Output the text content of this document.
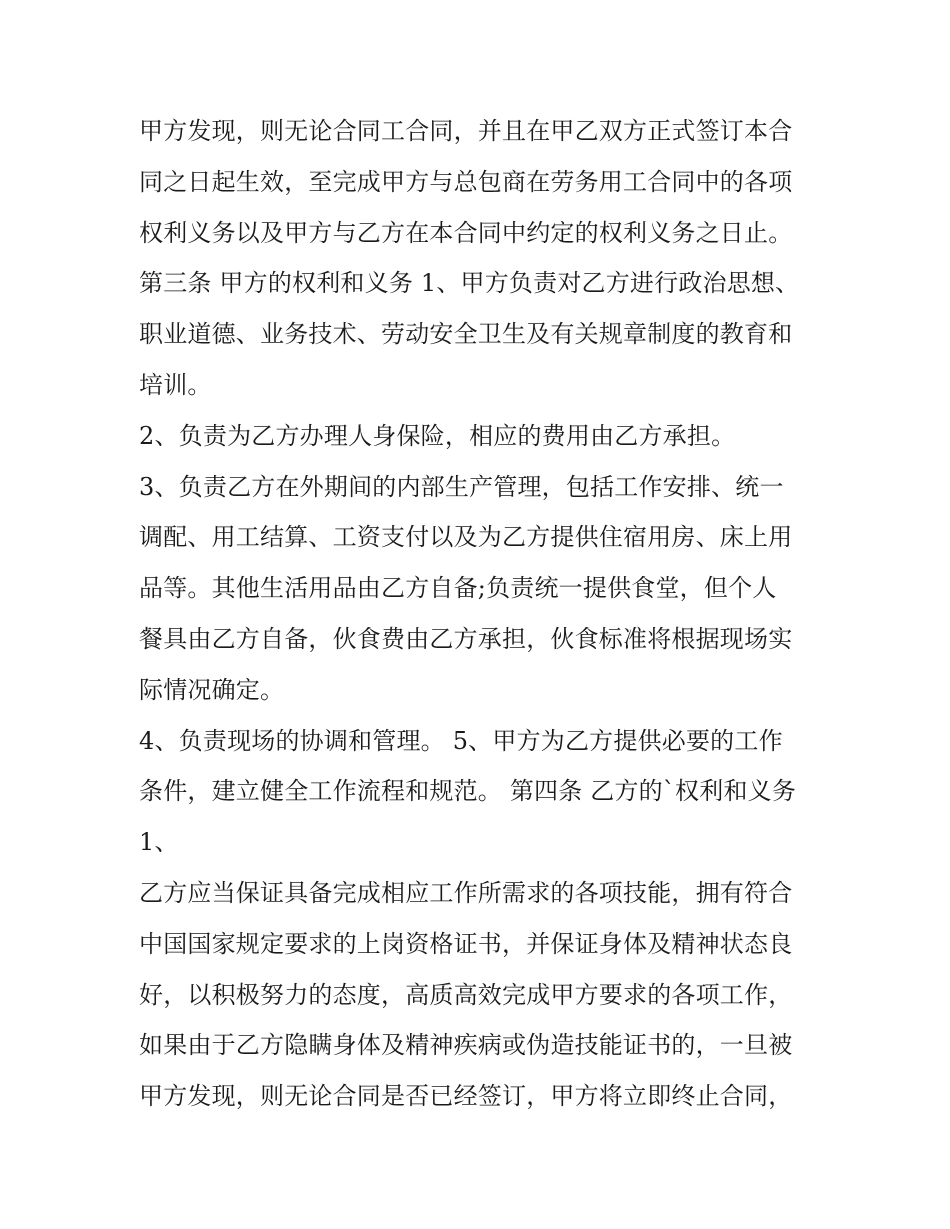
甲方发现，则无论合同工合同，并且在甲乙双方正式签订本合
同之日起生效，至完成甲方与总包商在劳务用工合同中的各项
权利义务以及甲方与乙方在本合同中约定的权利义务之日止。
第三条 甲方的权利和义务 1、甲方负责对乙方进行政治思想、
职业道德、业务技术、劳动安全卫生及有关规章制度的教育和
培训。
2、负责为乙方办理人身保险，相应的费用由乙方承担。
3、负责乙方在外期间的内部生产管理，包括工作安排、统一
调配、用工结算、工资支付以及为乙方提供住宿用房、床上用
品等。其他生活用品由乙方自备;负责统一提供食堂，但个人
餐具由乙方自备，伙食费由乙方承担，伙食标准将根据现场实
际情况确定。
4、负责现场的协调和管理。 5、甲方为乙方提供必要的工作
条件，建立健全工作流程和规范。 第四条 乙方的`权利和义务
1、
乙方应当保证具备完成相应工作所需求的各项技能，拥有符合
中国国家规定要求的上岗资格证书，并保证身体及精神状态良
好，以积极努力的态度，高质高效完成甲方要求的各项工作，
如果由于乙方隐瞒身体及精神疾病或伪造技能证书的，一旦被
甲方发现，则无论合同是否已经签订，甲方将立即终止合同，
